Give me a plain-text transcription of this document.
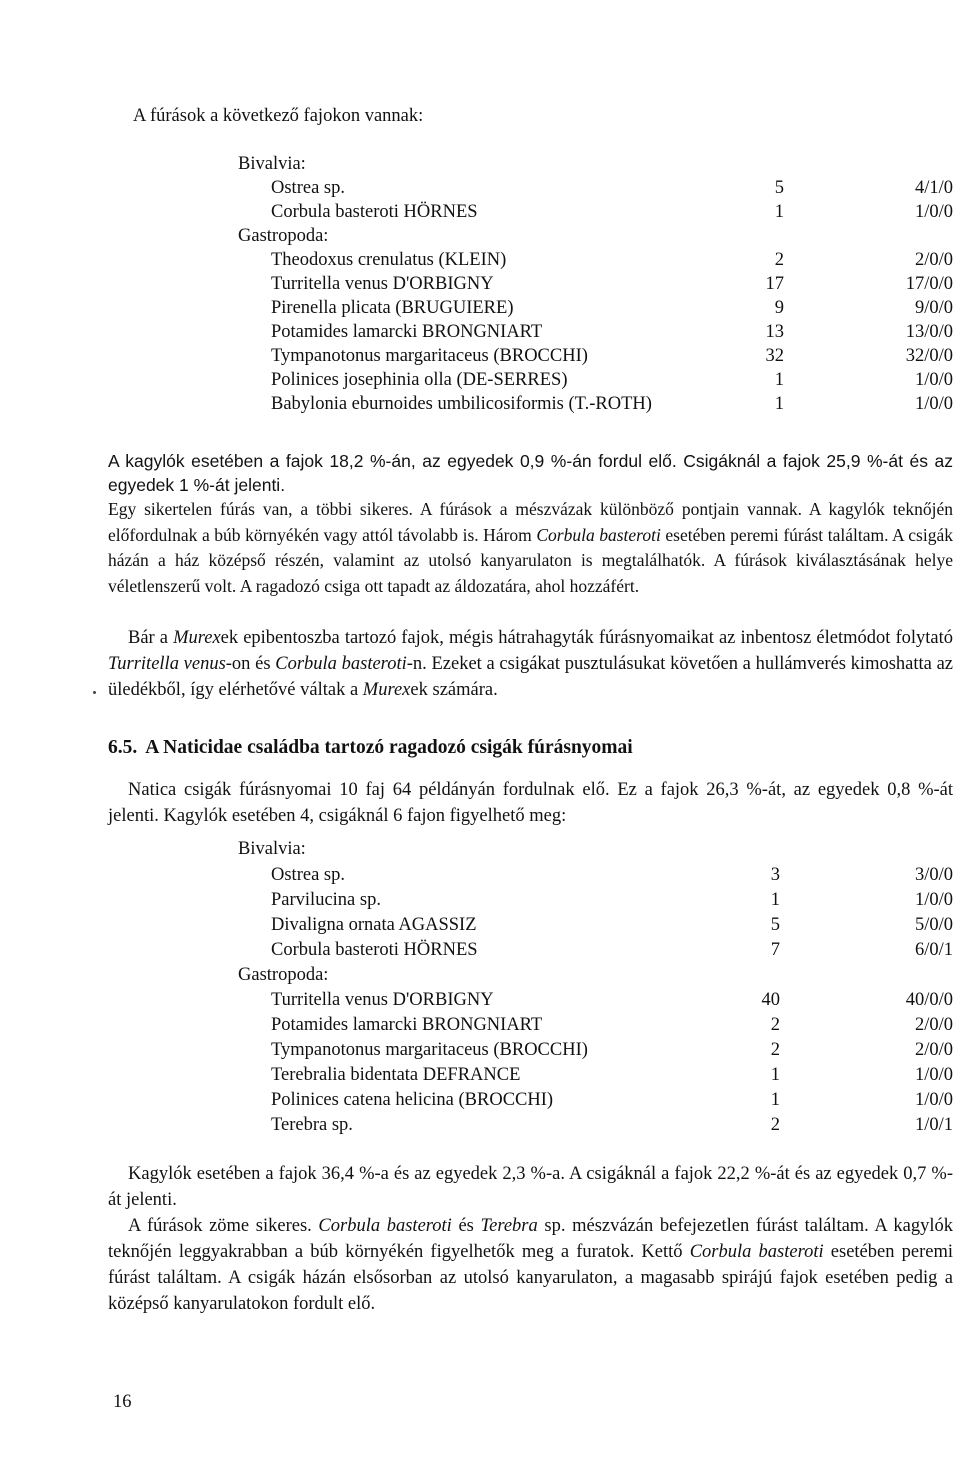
A fúrások a következő fajokon vannak:
Bivalvia:
Ostrea sp.	5	4/1/0
Corbula basteroti HÖRNES	1	1/0/0
Gastropoda:
Theodoxus crenulatus (KLEIN)	2	2/0/0
Turritella venus D'ORBIGNY	17	17/0/0
Pirenella plicata (BRUGUIERE)	9	9/0/0
Potamides lamarcki BRONGNIART	13	13/0/0
Tympanotonus margaritaceus (BROCCHI)	32	32/0/0
Polinices josephinia olla (DE-SERRES)	1	1/0/0
Babylonia eburnoides umbilicosiformis (T.-ROTH)	1	1/0/0

A kagylók esetében a fajok 18,2 %-án, az egyedek 0,9 %-án fordul elő. Csigáknál a fajok 25,9 %-át és az egyedek 1 %-át jelenti.

Egy sikertelen fúrás van, a többi sikeres. A fúrások a mészvázak különböző pontjain vannak. A kagylók teknőjén előfordulnak a búb környékén vagy attól távolabb is. Három Corbula basteroti esetében peremi fúrást találtam. A csigák házán a ház középső részén, valamint az utolsó kanyarulaton is megtalálhatók. A fúrások kiválasztásának helye véletlenszerű volt. A ragadozó csiga ott tapadt az áldozatára, ahol hozzáfért.

Bár a Murexek epibentoszba tartozó fajok, mégis hátrahagyták fúrásnyomaikat az inbentosz életmódot folytató Turritella venus-on és Corbula basteroti-n. Ezeket a csigákat pusztulásukat követően a hullámverés kimoshatta az üledékből, így elérhetővé váltak a Murexek számára.

6.5. A Naticidae családba tartozó ragadozó csigák fúrásnyomai

Natica csigák fúrásnyomai 10 faj 64 példányán fordulnak elő. Ez a fajok 26,3 %-át, az egyedek 0,8 %-át jelenti. Kagylók esetében 4, csigáknál 6 fajon figyelhető meg:

Bivalvia:
Ostrea sp.	3	3/0/0
Parvilucina sp.	1	1/0/0
Divaligna ornata AGASSIZ	5	5/0/0
Corbula basteroti HÖRNES	7	6/0/1
Gastropoda:
Turritella venus D'ORBIGNY	40	40/0/0
Potamides lamarcki BRONGNIART	2	2/0/0
Tympanotonus margaritaceus (BROCCHI)	2	2/0/0
Terebralia bidentata DEFRANCE	1	1/0/0
Polinices catena helicina (BROCCHI)	1	1/0/0
Terebra sp.	2	1/0/1

Kagylók esetében a fajok 36,4 %-a és az egyedek 2,3 %-a. A csigáknál a fajok 22,2 %-át és az egyedek 0,7 %-át jelenti.

A fúrások zöme sikeres. Corbula basteroti és Terebra sp. mészvázán befejezetlen fúrást találtam. A kagylók teknőjén leggyakrabban a búb környékén figyelhetők meg a furatok. Kettő Corbula basteroti esetében peremi fúrást találtam. A csigák házán elsősorban az utolsó kanyarulaton, a magasabb spirájú fajok esetében pedig a középső kanyarulatokon fordult elő.

16
